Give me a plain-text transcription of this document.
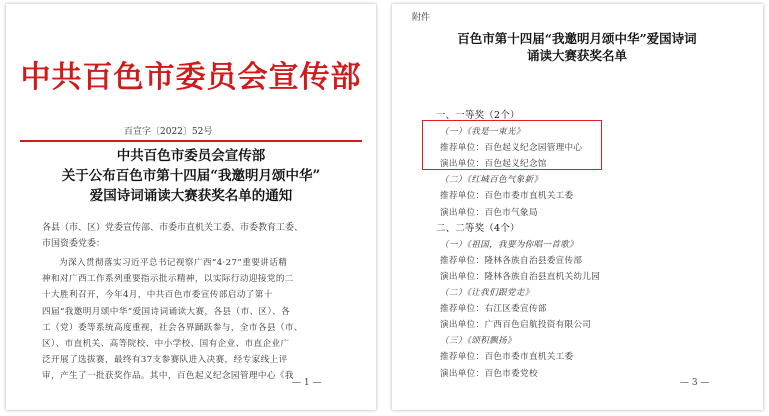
中共百色市委员会宣传部
百宣字〔2022〕52号
中共百色市委员会宣传部
关于公布百色市第十四届“我邀明月颂中华”
爱国诗词诵读大赛获奖名单的通知
各县（市、区）党委宣传部、市委市直机关工委、市委教育工委、
市国资委党委：
为深入贯彻落实习近平总书记视察广西“4·27”重要讲话精
神和对广西工作系列重要指示批示精神，以实际行动迎接党的二
十大胜利召开，今年4月，中共百色市委宣传部启动了第十
四届“我邀明月颂中华”爱国诗词诵读大赛，各县（市、区）、各
工（党）委等系统高度重视，社会各界踊跃参与，全市各县（市、
区）、市直机关、高等院校、中小学校、国有企业、市直企业广
泛开展了选拔赛，最终有37支参赛队进入决赛，经专家线上评
审，产生了一批获奖作品。其中，百色起义纪念园管理中心《我
— 1 —
附件
百色市第十四届“我邀明月颂中华”爱国诗词
诵读大赛获奖名单
一、一等奖（2个）
（一）《我是一束光》
推荐单位：百色起义纪念园管理中心
演出单位：百色起义纪念馆
（二）《红城百色气象新》
推荐单位：百色市委市直机关工委
演出单位：百色市气象局
二、二等奖（4个）
（一）《祖国，我要为你唱一首歌》
推荐单位：隆林各族自治县委宣传部
演出单位：隆林各族自治县直机关幼儿园
（二）《让我们跟党走》
推荐单位：右江区委宣传部
演出单位：广西百色启航投资有限公司
（三）《颂积飘扬》
推荐单位：百色市委市直机关工委
演出单位：百色市委党校
— 3 —
